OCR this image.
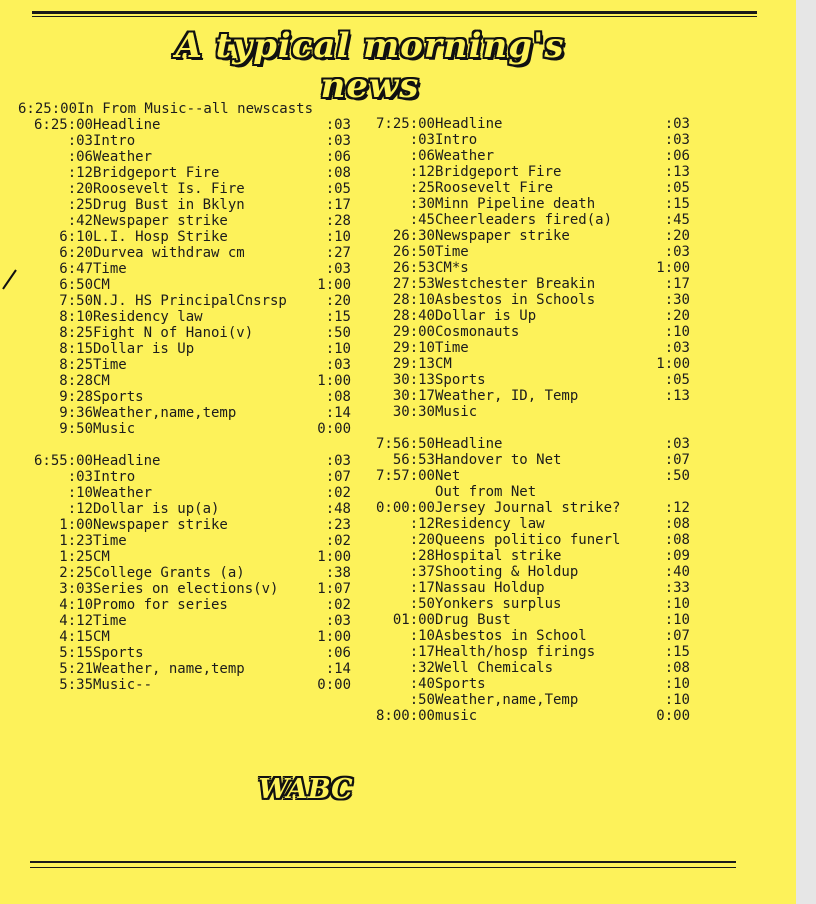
A typical morning's news
6:25:00In From Music--all newscasts
6:25:00 Headline	:03
:03 Intro	:03
:06 Weather	:06
:12 Bridgeport Fire	:08
:20 Roosevelt Is. Fire	:05
:25 Drug Bust in Bklyn	:17
:42 Newspaper strike	:28
6:10 L.I. Hosp Strike	:10
6:20 Durvea withdraw cm	:27
6:47 Time	:03
6:50 CM	1:00
7:50 N.J. HS PrincipalCnsrsp	:20
8:10 Residency law	:15
8:25 Fight N of Hanoi(v)	:50
8:15 Dollar is Up	:10
8:25 Time	:03
8:28 CM	1:00
9:28 Sports	:08
9:36 Weather,name,temp	:14
9:50 Music	0:00
6:55:00 Headline	:03
:03 Intro	:07
:10 Weather	:02
:12 Dollar is up(a)	:48
1:00 Newspaper strike	:23
1:23 Time	:02
1:25 CM	1:00
2:25 College Grants (a)	:38
3:03 Series on elections(v)	1:07
4:10 Promo for series	:02
4:12 Time	:03
4:15 CM	1:00
5:15 Sports	:06
5:21 Weather, name,temp	:14
5:35 Music--	0:00
7:25:00 Headline	:03
:03 Intro	:03
:06 Weather	:06
:12 Bridgeport Fire	:13
:25 Roosevelt Fire	:05
:30 Minn Pipeline death	:15
:45 Cheerleaders fired(a)	:45
26:30 Newspaper strike	:20
26:50 Time	:03
26:53 CM*s	1:00
27:53 Westchester Breakin	:17
28:10 Asbestos in Schools	:30
28:40 Dollar is Up	:20
29:00 Cosmonauts	:10
29:10 Time	:03
29:13 CM	1:00
30:13 Sports	:05
30:17 Weather, ID, Temp	:13
30:30 Music
7:56:50 Headline	:03
56:53 Handover to Net	:07
7:57:00 Net	:50
Out from Net
0:00:00 Jersey Journal strike?	:12
:12 Residency law	:08
:20 Queens politico funerl	:08
:28 Hospital strike	:09
:37 Shooting & Holdup	:40
:17 Nassau Holdup	:33
:50 Yonkers surplus	:10
01:00 Drug Bust	:10
:10 Asbestos in School	:07
:17 Health/hosp firings	:15
:32 Well Chemicals	:08
:40 Sports	:10
:50 Weather,name,Temp	:10
8:00:00 music	0:00
WABC
